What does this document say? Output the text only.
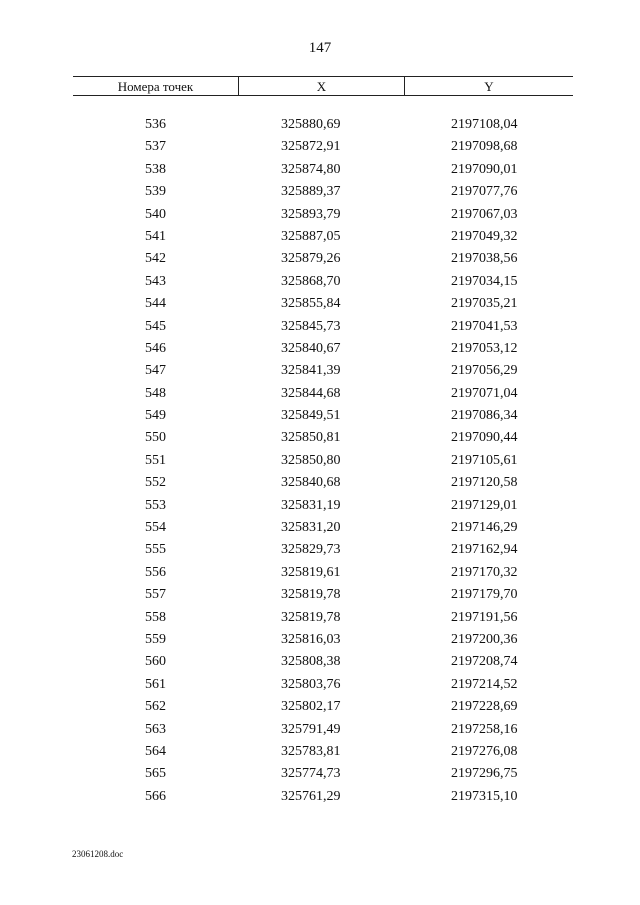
147
Номера точек	X	Y
536	325880,69	2197108,04
537	325872,91	2197098,68
538	325874,80	2197090,01
539	325889,37	2197077,76
540	325893,79	2197067,03
541	325887,05	2197049,32
542	325879,26	2197038,56
543	325868,70	2197034,15
544	325855,84	2197035,21
545	325845,73	2197041,53
546	325840,67	2197053,12
547	325841,39	2197056,29
548	325844,68	2197071,04
549	325849,51	2197086,34
550	325850,81	2197090,44
551	325850,80	2197105,61
552	325840,68	2197120,58
553	325831,19	2197129,01
554	325831,20	2197146,29
555	325829,73	2197162,94
556	325819,61	2197170,32
557	325819,78	2197179,70
558	325819,78	2197191,56
559	325816,03	2197200,36
560	325808,38	2197208,74
561	325803,76	2197214,52
562	325802,17	2197228,69
563	325791,49	2197258,16
564	325783,81	2197276,08
565	325774,73	2197296,75
566	325761,29	2197315,10
23061208.doc
